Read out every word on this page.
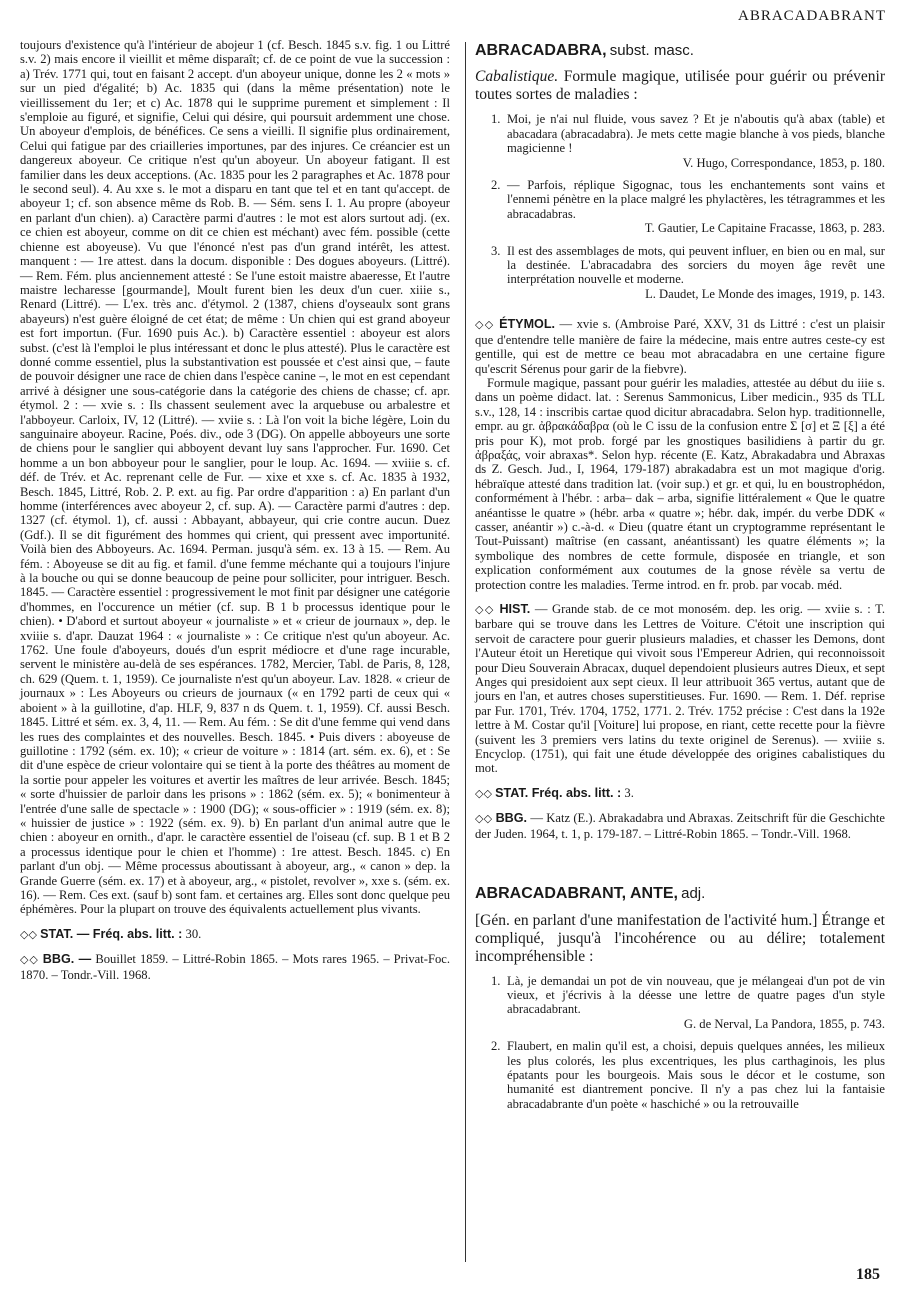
ABRACADABRANT

toujours d'existence qu'à l'intérieur de abojeur 1 (cf. Besch. 1845 s.v. fig. 1 ou Littré s.v. 2) mais encore il vieillit et même disparaît; cf. de ce point de vue la succession : a) Trév. 1771 qui, tout en faisant 2 accept. d'un aboyeur unique, donne les 2 « mots » sur un pied d'égalité; b) Ac. 1835 qui (dans la même présentation) note le vieillissement du 1er; et c) Ac. 1878 qui le supprime purement et simplement : Il s'emploie au figuré, et signifie, Celui qui désire, qui poursuit ardemment une chose. Un aboyeur d'emplois, de bénéfices. Ce sens a vieilli. Il signifie plus ordinairement, Celui qui fatigue par des criailleries importunes, par des injures. Ce créancier est un dangereux aboyeur. Ce critique n'est qu'un aboyeur. Un aboyeur fatigant. Il est familier dans les deux acceptions. (Ac. 1835 pour les 2 paragraphes et Ac. 1878 pour le second seul). 4. Au xxe s. le mot a disparu en tant que tel et en tant qu'accept. de aboyeur 1; cf. son absence même ds Rob. B. — Sém. sens I. 1. Au propre (aboyeur en parlant d'un chien). a) Caractère parmi d'autres : le mot est alors surtout adj. (ex. ce chien est aboyeur, comme on dit ce chien est méchant) avec fém. possible (cette chienne est aboyeuse). Vu que l'énoncé n'est pas d'un grand intérêt, les attest. manquent : — 1re attest. dans la docum. disponible : Des dogues aboyeurs. (Littré). — Rem. Fém. plus anciennement attesté : Se l'une estoit maistre abaeresse, Et l'autre maistre lecharesse [gourmande], Moult furent bien les deux d'un cuer. xiiie s., Renard (Littré). — L'ex. très anc. d'étymol. 2 (1387, chiens d'oyseaulx sont grans abayeurs) n'est guère éloigné de cet état; de même : Un chien qui est grand aboyeur est fort importun. (Fur. 1690 puis Ac.). b) Caractère essentiel : aboyeur est alors subst. (c'est là l'emploi le plus intéressant et donc le plus attesté). Plus le caractère est donné comme essentiel, plus la substantivation est poussée et c'est ainsi que, – faute de pouvoir désigner une race de chien dans l'espèce canine –, le mot en est cependant arrivé à désigner une sous-catégorie dans la catégorie des chiens de chasse; cf. apr. étymol. 2 : — xvie s. : Ils chassent seulement avec la arquebuse ou arbalestre et l'abboyeur. Carloix, IV, 12 (Littré). — xviie s. : Là l'on voit la biche légère, Loin du sanguinaire aboyeur. Racine, Poés. div., ode 3 (DG). On appelle abboyeurs une sorte de chiens pour le sanglier qui abboyent devant luy sans l'approcher. Fur. 1690. Cet homme a un bon abboyeur pour le sanglier, pour le loup. Ac. 1694. — xviiie s. cf. déf. de Trév. et Ac. reprenant celle de Fur. — xixe et xxe s. cf. Ac. 1835 à 1932, Besch. 1845, Littré, Rob. 2. P. ext. au fig. Par ordre d'apparition : a) En parlant d'un homme (interférences avec aboyeur 2, cf. sup. A). — Caractère parmi d'autres : dep. 1327 (cf. étymol. 1), cf. aussi : Abbayant, abbayeur, qui crie contre aucun. Duez (Gdf.). Il se dit figurément des hommes qui crient, qui pressent avec importunité. Voilà bien des Abboyeurs. Ac. 1694. Perman. jusqu'à sém. ex. 13 à 15. — Rem. Au fém. : Aboyeuse se dit au fig. et famil. d'une femme méchante qui a toujours l'injure à la bouche ou qui se donne beaucoup de peine pour solliciter, pour intriguer. Besch. 1845. — Caractère essentiel : progressivement le mot finit par désigner une catégorie d'hommes, en l'occurence un métier (cf. sup. B 1 b processus identique pour le chien). • D'abord et surtout aboyeur « journaliste » et « crieur de journaux », dep. le xviiie s. d'apr. Dauzat 1964 : « journaliste » : Ce critique n'est qu'un aboyeur. Ac. 1762. Une foule d'aboyeurs, doués d'un esprit médiocre et d'une rage incurable, servent le ministère au-delà de ses espérances. 1782, Mercier, Tabl. de Paris, 8, 128, ch. 629 (Quem. t. 1, 1959). Ce journaliste n'est qu'un aboyeur. Lav. 1828. « crieur de journaux » : Les Aboyeurs ou crieurs de journaux (« en 1792 parti de ceux qui « aboient » à la guillotine, d'ap. HLF, 9, 837 n ds Quem. t. 1, 1959). Cf. aussi Besch. 1845. Littré et sém. ex. 3, 4, 11. — Rem. Au fém. : Se dit d'une femme qui vend dans les rues des complaintes et des nouvelles. Besch. 1845. • Puis divers : aboyeuse de guillotine : 1792 (sém. ex. 10); « crieur de voiture » : 1814 (art. sém. ex. 6), et : Se dit d'une espèce de crieur volontaire qui se tient à la porte des théâtres au moment de la sortie pour appeler les voitures et avertir les maîtres de leur arrivée. Besch. 1845; « sorte d'huissier de parloir dans les prisons » : 1862 (sém. ex. 5); « bonimenteur à l'entrée d'une salle de spectacle » : 1900 (DG); « sous-officier » : 1919 (sém. ex. 8); « huissier de justice » : 1922 (sém. ex. 9). b) En parlant d'un animal autre que le chien : aboyeur en ornith., d'apr. le caractère essentiel de l'oiseau (cf. sup. B 1 et B 2 a processus identique pour le chien et l'homme) : 1re attest. Besch. 1845. c) En parlant d'un obj. — Même processus aboutissant à aboyeur, arg., « canon » dep. la Grande Guerre (sém. ex. 17) et à aboyeur, arg., « pistolet, revolver », xxe s. (sém. ex. 16). — Rem. Ces ext. (sauf b) sont fam. et certaines arg. Elles sont donc quelque peu éphémères. Pour la plupart on trouve des équivalents actuellement plus vivants.

◇◇ STAT. — Fréq. abs. litt. : 30.

◇◇ BBG. — Bouillet 1859. – Littré-Robin 1865. – Mots rares 1965. – Privat-Foc. 1870. – Tondr.-Vill. 1968.

ABRACADABRA, subst. masc.

Cabalistique. Formule magique, utilisée pour guérir ou prévenir toutes sortes de maladies :

1. Moi, je n'ai nul fluide, vous savez ? Et je n'aboutis qu'à abax (table) et abacadara (abracadabra). Je mets cette magie blanche à vos pieds, blanche magicienne !

V. Hugo, Correspondance, 1853, p. 180.

2. — Parfois, réplique Sigognac, tous les enchantements sont vains et l'ennemi pénètre en la place malgré les phylactères, les tétragrammes et les abracadabras.

T. Gautier, Le Capitaine Fracasse, 1863, p. 283.

3. Il est des assemblages de mots, qui peuvent influer, en bien ou en mal, sur la destinée. L'abracadabra des sorciers du moyen âge revêt une interprétation nouvelle et moderne.

L. Daudet, Le Monde des images, 1919, p. 143.

◇◇ ÉTYMOL. — xvie s. (Ambroise Paré, XXV, 31 ds Littré : c'est un plaisir que d'entendre telle manière de faire la médecine, mais entre autres ceste-cy est gentille, qui est de mettre ce beau mot abracadabra en une certaine figure qu'escrit Sérenus pour garir de la fiebvre).

Formule magique, passant pour guérir les maladies, attestée au début du iiie s. dans un poème didact. lat. : Serenus Sammonicus, Liber medicin., 935 ds TLL s.v., 128, 14 : inscribis cartae quod dicitur abracadabra. Selon hyp. traditionnelle, empr. au gr. ἀβρακάδαβρα (où le C issu de la confusion entre Σ [σ] et Ξ [ξ] a été pris pour K), mot prob. forgé par les gnostiques basilidiens à partir du gr. ἀβραξάς, voir abraxas*. Selon hyp. récente (E. Katz, Abrakadabra und Abraxas ds Z. Gesch. Jud., I, 1964, 179-187) abrakadabra est un mot magique d'orig. hébraïque attesté dans tradition lat. (voir sup.) et gr. et qui, lu en boustrophédon, conformément à l'hébr. : arba– dak – arba, signifie littéralement « Que le quatre anéantisse le quatre » (hébr. arba « quatre »; hébr. dak, impér. du verbe DDK « casser, anéantir ») c.-à-d. « Dieu (quatre étant un cryptogramme représentant le Tout-Puissant) maîtrise (en cassant, anéantissant) les quatre éléments »; la symbolique des nombres de cette formule, disposée en triangle, et son explication conformément aux coutumes de la gnose révèle sa vertu de protection contre les maladies. Terme introd. en fr. prob. par vocab. méd.

◇◇ HIST. — Grande stab. de ce mot monosém. dep. les orig. — xviie s. : T. barbare qui se trouve dans les Lettres de Voiture. C'étoit une inscription qui servoit de caractere pour guerir plusieurs maladies, et chasser les Demons, dont l'Auteur étoit un Heretique qui vivoit sous l'Empereur Adrien, qui reconnoissoit pour Dieu Souverain Abracax, duquel dependoient plusieurs autres Dieux, et sept Anges qui presidoient aux sept cieux. Il leur attribuoit 365 vertus, autant que de jours en l'an, et autres choses superstitieuses. Fur. 1690. — Rem. 1. Déf. reprise par Fur. 1701, Trév. 1704, 1752, 1771. 2. Trév. 1752 précise : C'est dans la 192e lettre à M. Costar qu'il [Voiture] lui propose, en riant, cette recette pour la fièvre (suivent les 3 premiers vers latins du texte originel de Serenus). — xviiie s. Encyclop. (1751), qui fait une étude développée des origines cabalistiques du mot.

◇◇ STAT. Fréq. abs. litt. : 3.

◇◇ BBG. — Katz (E.). Abrakadabra und Abraxas. Zeitschrift für die Geschichte der Juden. 1964, t. 1, p. 179-187. – Littré-Robin 1865. – Tondr.-Vill. 1968.

ABRACADABRANT, ANTE, adj.

[Gén. en parlant d'une manifestation de l'activité hum.] Étrange et compliqué, jusqu'à l'incohérence ou au délire; totalement incompréhensible :

1. Là, je demandai un pot de vin nouveau, que je mélangeai d'un pot de vin vieux, et j'écrivis à la déesse une lettre de quatre pages d'un style abracadabrant.

G. de Nerval, La Pandora, 1855, p. 743.

2. Flaubert, en malin qu'il est, a choisi, depuis quelques années, les milieux les plus colorés, les plus excentriques, les plus carthaginois, les plus épatants pour les bourgeois. Mais sous le décor et le costume, son humanité est diantrement poncive. Il n'y a pas chez lui la fantaisie abracadabrante d'un poète « haschiché » ou la retrouvaille

185
